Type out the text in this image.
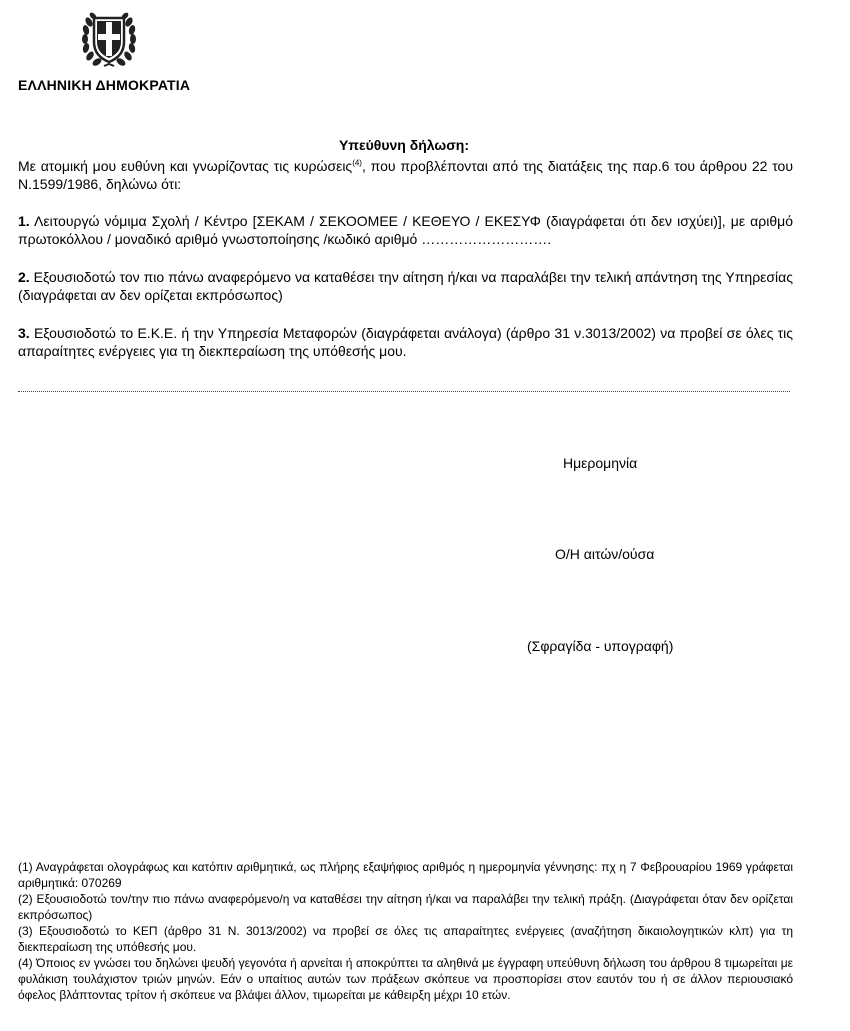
ΕΛΛΗΝΙΚΗ ΔΗΜΟΚΡΑΤΙΑ
Υπεύθυνη δήλωση:
Με ατομική μου ευθύνη και γνωρίζοντας τις κυρώσεις$^{(4)}$, που προβλέπονται από της διατάξεις της παρ.6 του άρθρου 22 του Ν.1599/1986, δηλώνω ότι:
1. Λειτουργώ νόμιμα Σχολή / Κέντρο [ΣΕΚΑΜ / ΣΕΚΟΟΜΕΕ / ΚΕΘΕΥΟ / ΕΚΕΣΥΦ (διαγράφεται ότι δεν ισχύει)], με αριθμό πρωτοκόλλου / μοναδικό αριθμό γνωστοποίησης /κωδικό αριθμό ……………………….
2. Εξουσιοδοτώ τον πιο πάνω αναφερόμενο να καταθέσει την αίτηση ή/και να παραλάβει την τελική απάντηση της Υπηρεσίας (διαγράφεται αν δεν ορίζεται εκπρόσωπος)
3. Εξουσιοδοτώ το Ε.Κ.Ε. ή την Υπηρεσία Μεταφορών (διαγράφεται ανάλογα) (άρθρο 31 ν.3013/2002) να προβεί σε όλες τις απαραίτητες ενέργειες για τη διεκπεραίωση της υπόθεσής μου.
Ημερομηνία
Ο/Η αιτών/ούσα
(Σφραγίδα - υπογραφή)

(1) Αναγράφεται ολογράφως και κατόπιν αριθμητικά, ως πλήρης εξαψήφιος αριθμός η ημερομηνία γέννησης: πχ η 7 Φεβρουαρίου 1969 γράφεται αριθμητικά: 070269

(2) Εξουσιοδοτώ τον/την πιο πάνω αναφερόμενο/η να καταθέσει την αίτηση ή/και να παραλάβει την τελική πράξη. (Διαγράφεται όταν δεν ορίζεται εκπρόσωπος)

(3) Εξουσιοδοτώ το ΚΕΠ (άρθρο 31 Ν. 3013/2002) να προβεί σε όλες τις απαραίτητες ενέργειες (αναζήτηση δικαιολογητικών κλπ) για τη διεκπεραίωση της υπόθεσής μου.

(4) Όποιος εν γνώσει του δηλώνει ψευδή γεγονότα ή αρνείται ή αποκρύπτει τα αληθινά με έγγραφη υπεύθυνη δήλωση του άρθρου 8 τιμωρείται με φυλάκιση τουλάχιστον τριών μηνών. Εάν ο υπαίτιος αυτών των πράξεων σκόπευε να προσπορίσει στον εαυτόν του ή σε άλλον περιουσιακό όφελος βλάπτοντας τρίτον ή σκόπευε να βλάψει άλλον, τιμωρείται με κάθειρξη μέχρι 10 ετών.
